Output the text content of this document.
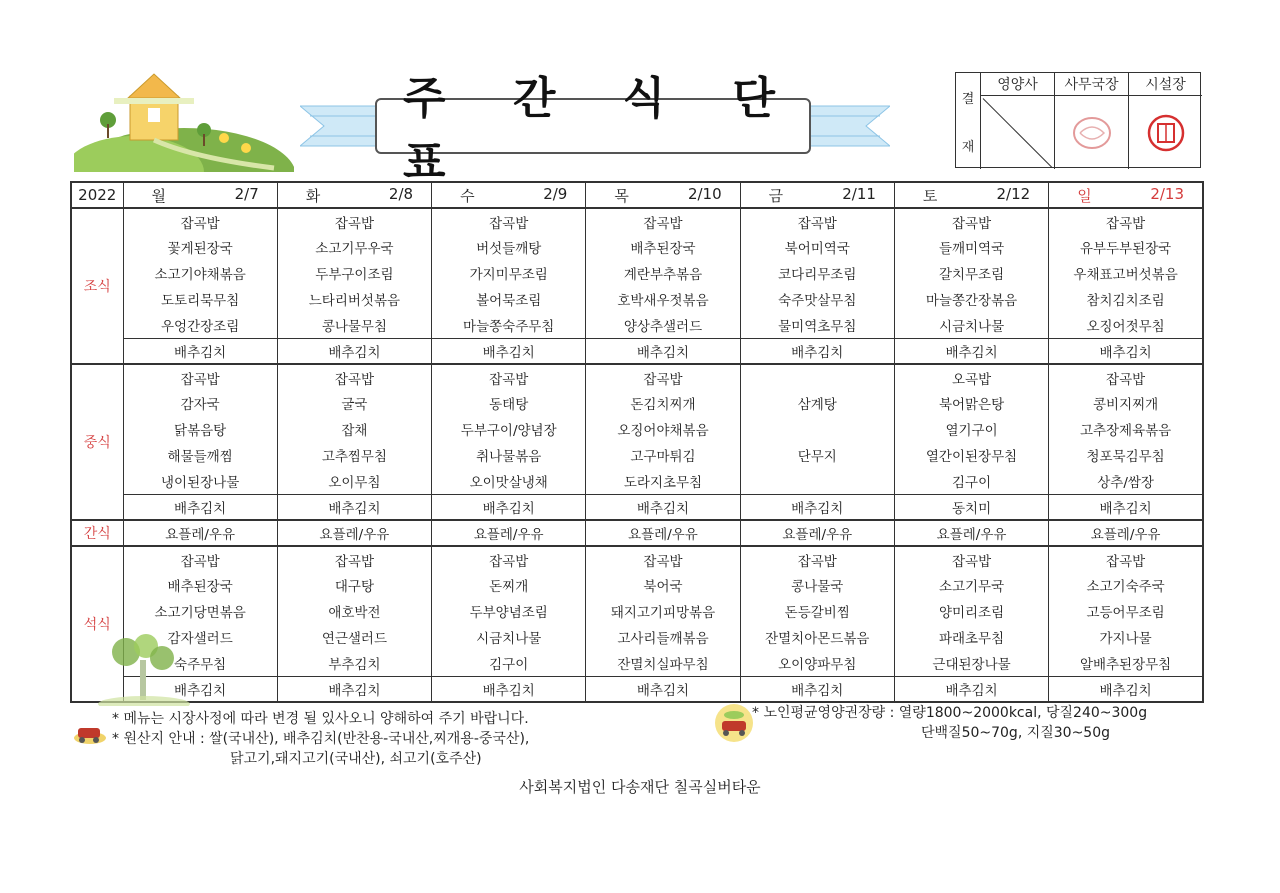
주 간 식 단 표
결
재
영양사	사무국장	시설장
2022	월 2/7	화 2/8	수 2/9	목 2/10	금 2/11	토 2/12	일 2/13

조식	잡곡밥	잡곡밥	잡곡밥	잡곡밥	잡곡밥	잡곡밥	잡곡밥
	꽃게된장국	소고기무우국	버섯들깨탕	배추된장국	북어미역국	들깨미역국	유부두부된장국
	소고기야채볶음	두부구이조림	가지미무조림	계란부추볶음	코다리무조림	갈치무조림	우채표고버섯볶음
	도토리묵무침	느타리버섯볶음	볼어묵조림	호박새우젓볶음	숙주맛살무침	마늘쫑간장볶음	참치김치조림
	우엉간장조림	콩나물무침	마늘쫑숙주무침	양상추샐러드	물미역초무침	시금치나물	오징어젓무침
	배추김치	배추김치	배추김치	배추김치	배추김치	배추김치	배추김치
중식	잡곡밥	잡곡밥	잡곡밥	잡곡밥		오곡밥	잡곡밥
	감자국	굴국	동태탕	돈김치찌개	삼계탕	북어맑은탕	콩비지찌개
	닭볶음탕	잡채	두부구이/양념장	오징어야채볶음		열기구이	고추장제육볶음
	해물들깨찜	고추찜무침	취나물볶음	고구마튀김	단무지	열간이된장무침	청포묵김무침
	냉이된장나물	오이무침	오이맛살냉채	도라지초무침		김구이	상추/쌈장
	배추김치	배추김치	배추김치	배추김치	배추김치	동치미	배추김치
간식	요플레/우유	요플레/우유	요플레/우유	요플레/우유	요플레/우유	요플레/우유	요플레/우유
석식	잡곡밥	잡곡밥	잡곡밥	잡곡밥	잡곡밥	잡곡밥	잡곡밥
	배추된장국	대구탕	돈찌개	북어국	콩나물국	소고기무국	소고기숙주국
	소고기당면볶음	애호박전	두부양념조림	돼지고기피망볶음	돈등갈비찜	양미리조림	고등어무조림
	감자샐러드	연근샐러드	시금치나물	고사리들깨볶음	잔멸치아몬드볶음	파래초무침	가지나물
	숙주무침	부추김치	김구이	잔멸치실파무침	오이양파무침	근대된장나물	알배추된장무침
	배추김치	배추김치	배추김치	배추김치	배추김치	배추김치	배추김치
* 메뉴는 시장사정에 따라 변경 될 있사오니 양해하여 주기 바랍니다.
* 원산지 안내 : 쌀(국내산), 배추김치(반찬용-국내산,찌개용-중국산),
닭고기,돼지고기(국내산), 쇠고기(호주산)
* 노인평균영양권장량 : 열량1800~2000kcal, 당질240~300g
단백질50~70g, 지질30~50g
사회복지법인 다송재단 칠곡실버타운
